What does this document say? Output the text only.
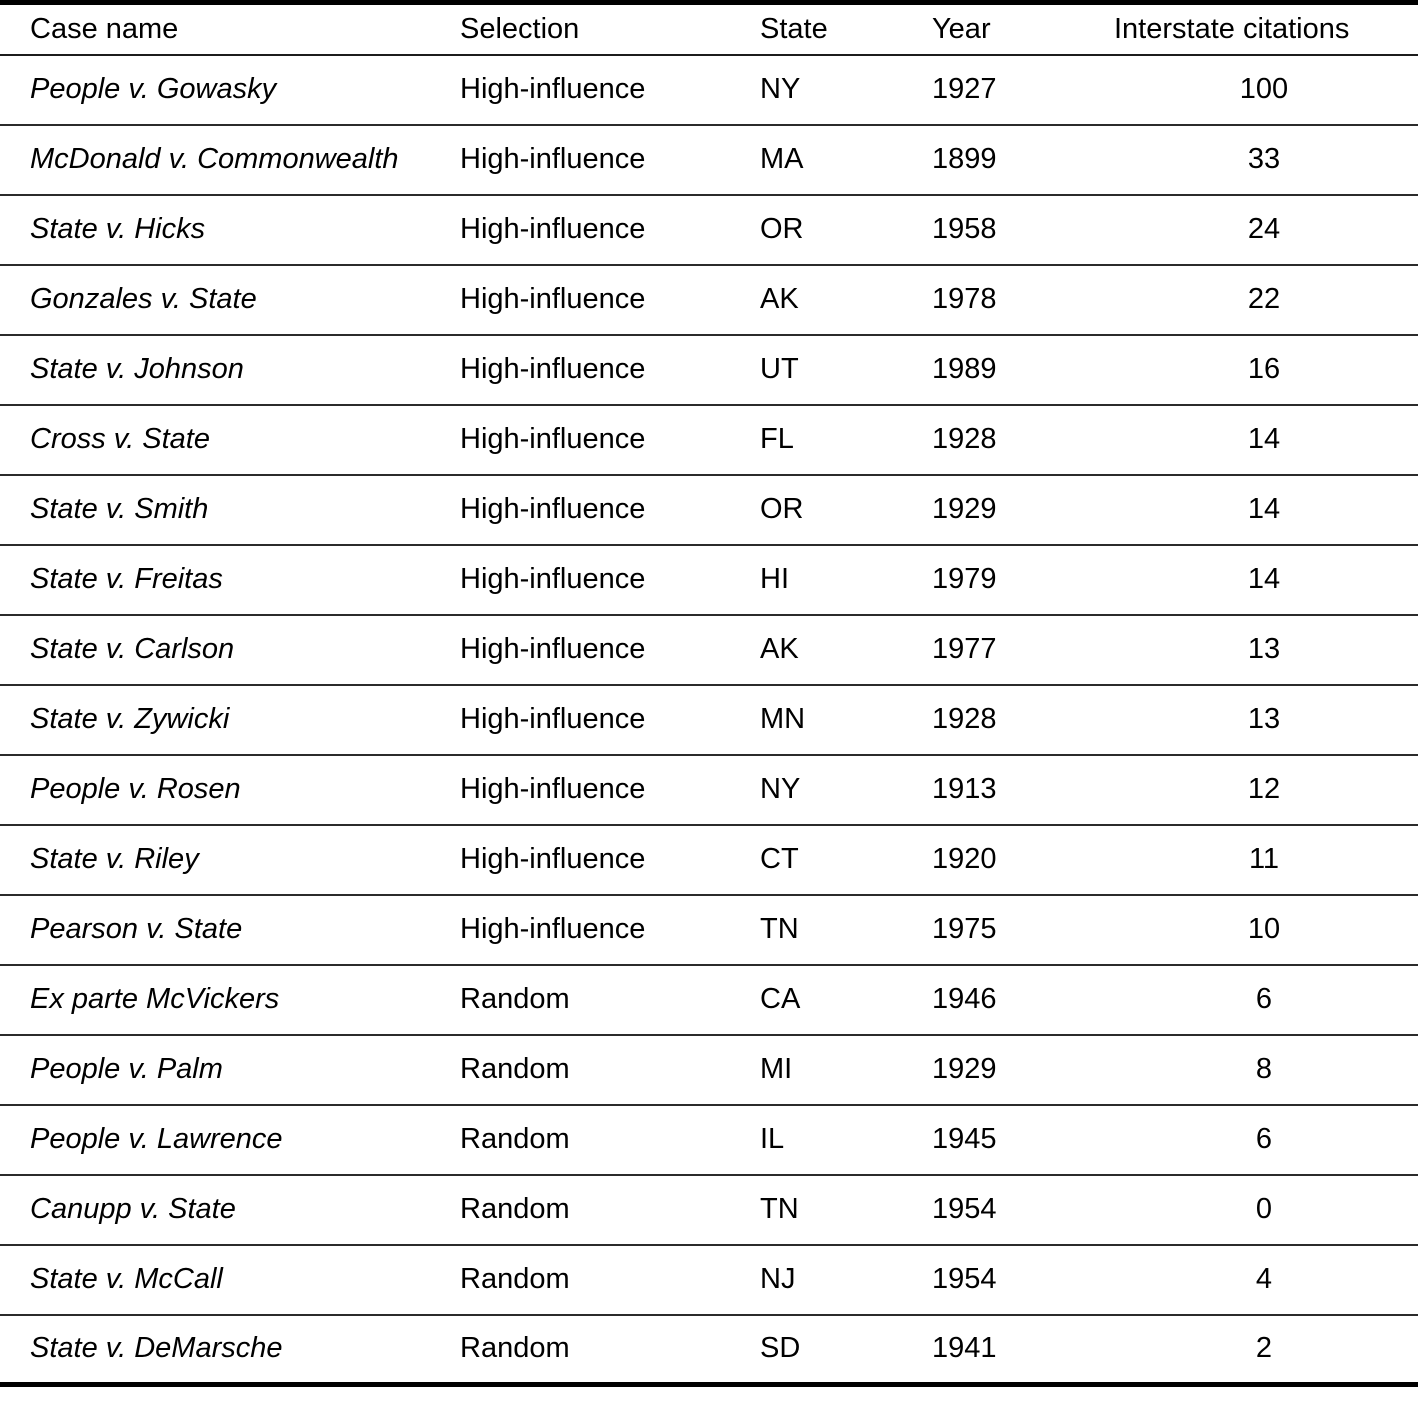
Case name	Selection	State	Year	Interstate citations
People v. Gowasky	High-influence	NY	1927	100
McDonald v. Commonwealth	High-influence	MA	1899	33
State v. Hicks	High-influence	OR	1958	24
Gonzales v. State	High-influence	AK	1978	22
State v. Johnson	High-influence	UT	1989	16
Cross v. State	High-influence	FL	1928	14
State v. Smith	High-influence	OR	1929	14
State v. Freitas	High-influence	HI	1979	14
State v. Carlson	High-influence	AK	1977	13
State v. Zywicki	High-influence	MN	1928	13
People v. Rosen	High-influence	NY	1913	12
State v. Riley	High-influence	CT	1920	11
Pearson v. State	High-influence	TN	1975	10
Ex parte McVickers	Random	CA	1946	6
People v. Palm	Random	MI	1929	8
People v. Lawrence	Random	IL	1945	6
Canupp v. State	Random	TN	1954	0
State v. McCall	Random	NJ	1954	4
State v. DeMarsche	Random	SD	1941	2
